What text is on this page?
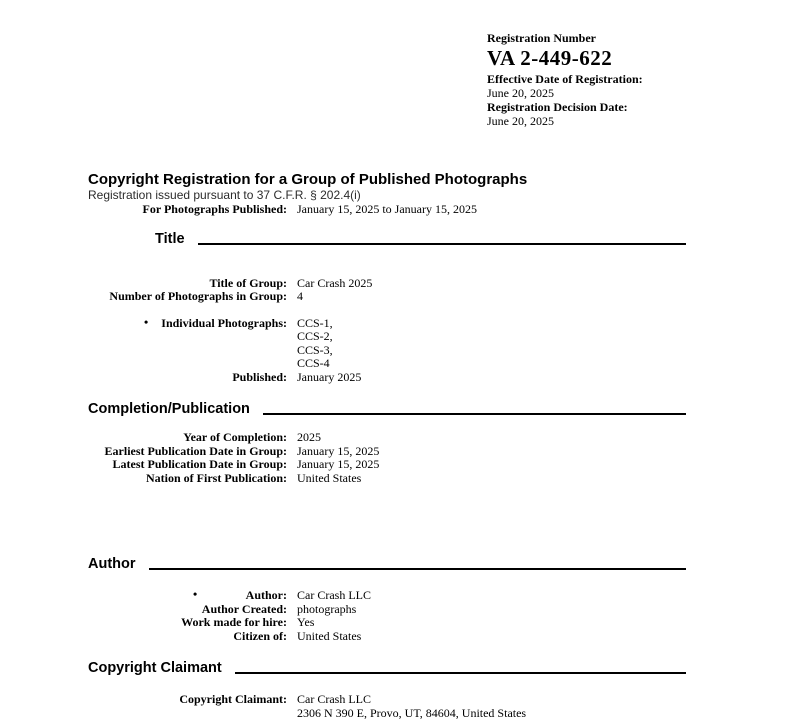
Registration Number
VA 2-449-622
Effective Date of Registration:
June 20, 2025
Registration Decision Date:
June 20, 2025
Copyright Registration for a Group of Published Photographs
Registration issued pursuant to 37 C.F.R. § 202.4(i)
For Photographs Published: January 15, 2025 to January 15, 2025
Title
Title of Group: Car Crash 2025
Number of Photographs in Group: 4
•	Individual Photographs: CCS-1,
CCS-2,
CCS-3,
CCS-4
Published: January 2025
Completion/Publication
Year of Completion: 2025
Earliest Publication Date in Group: January 15, 2025
Latest Publication Date in Group: January 15, 2025
Nation of First Publication: United States
Author
•	Author: Car Crash LLC
Author Created: photographs
Work made for hire: Yes
Citizen of: United States
Copyright Claimant
Copyright Claimant: Car Crash LLC
2306 N 390 E, Provo, UT, 84604, United States
